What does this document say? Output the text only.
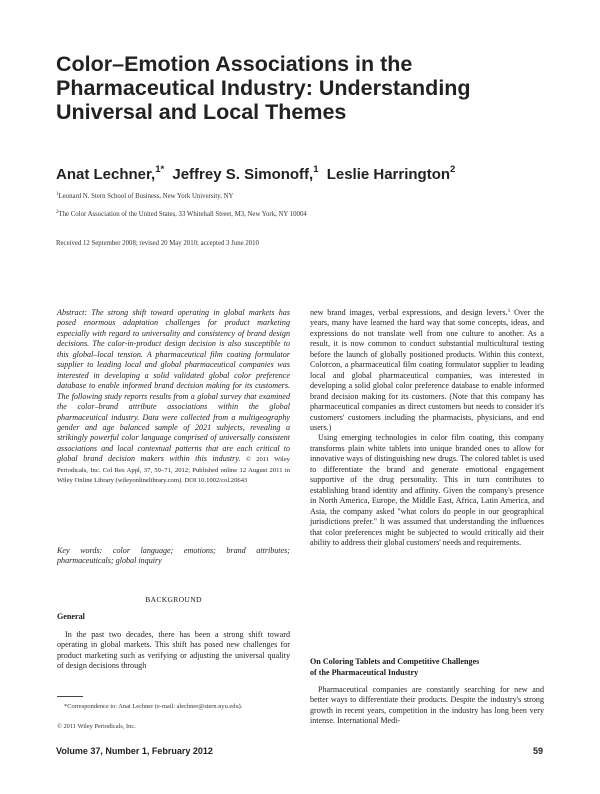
Color–Emotion Associations in the
Pharmaceutical Industry: Understanding
Universal and Local Themes
Anat Lechner,$^{1*}$ Jeffrey S. Simonoff,$^1$ Leslie Harrington$^2$
$^1$Leonard N. Stern School of Business, New York University, NY
$^2$The Color Association of the United States, 33 Whitehall Street, M3, New York, NY 10004
Received 12 September 2008; revised 20 May 2010; accepted 3 June 2010

Abstract: The strong shift toward operating in global markets has posed enormous adaptation challenges for product marketing especially with regard to universality and consistency of brand design decisions. The color-in-product design decision is also susceptible to this global–local tension. A pharmaceutical film coating formulator supplier to leading local and global pharmaceutical companies was interested in developing a solid validated global color preference database to enable informed brand decision making for its customers. The following study reports results from a global survey that examined the color–brand attribute associations within the global pharmaceutical industry. Data were collected from a multigeography gender and age balanced sample of 2021 subjects, revealing a strikingly powerful color language comprised of universally consistent associations and local contextual patterns that are each critical to global brand decision makers within this industry. © 2011 Wiley Periodicals, Inc. Col Res Appl, 37, 59–71, 2012; Published online 12 August 2011 in Wiley Online Library (wileyonlinelibrary.com). DOI 10.1002/col.20643

Key words: color language; emotions; brand attributes; pharmaceuticals; global inquiry
BACKGROUND
General

In the past two decades, there has been a strong shift toward operating in global markets. This shift has posed new challenges for product marketing such as verifying or adjusting the universal quality of design decisions through

*Correspondence to: Anat Lechner (e-mail: alechner@stern.nyu.edu).
© 2011 Wiley Periodicals, Inc.

new brand images, verbal expressions, and design levers.$^1$ Over the years, many have learned the hard way that some concepts, ideas, and expressions do not translate well from one culture to another. As a result, it is now common to conduct substantial multicultural testing before the launch of globally positioned products. Within this context, Colorcon, a pharmaceutical film coating formulator supplier to leading local and global pharmaceutical companies, was interested in developing a solid global color preference database to enable informed brand decision making for its customers. (Note that this company has pharmaceutical companies as direct customers but needs to consider it's customers' customers including the pharmacists, physicians, and end users.)

Using emerging technologies in color film coating, this company transforms plain white tablets into unique branded ones to allow for innovative ways of distinguishing new drugs. The colored tablet is used to differentiate the brand and generate emotional engagement supportive of the drug personality. This in turn contributes to establishing brand identity and affinity. Given the company's presence in North America, Europe, the Middle East, Africa, Latin America, and Asia, the company asked ''what colors do people in our geographical jurisdictions prefer.'' It was assumed that understanding the influences that color preferences might be subjected to would critically aid their ability to address their global customers' needs and requirements.

On Coloring Tablets and Competitive Challenges
of the Pharmaceutical Industry

Pharmaceutical companies are constantly searching for new and better ways to differentiate their products. Despite the industry's strong growth in recent years, competition in the industry has long been very intense. International Medi-

Volume 37, Number 1, February 2012	59
